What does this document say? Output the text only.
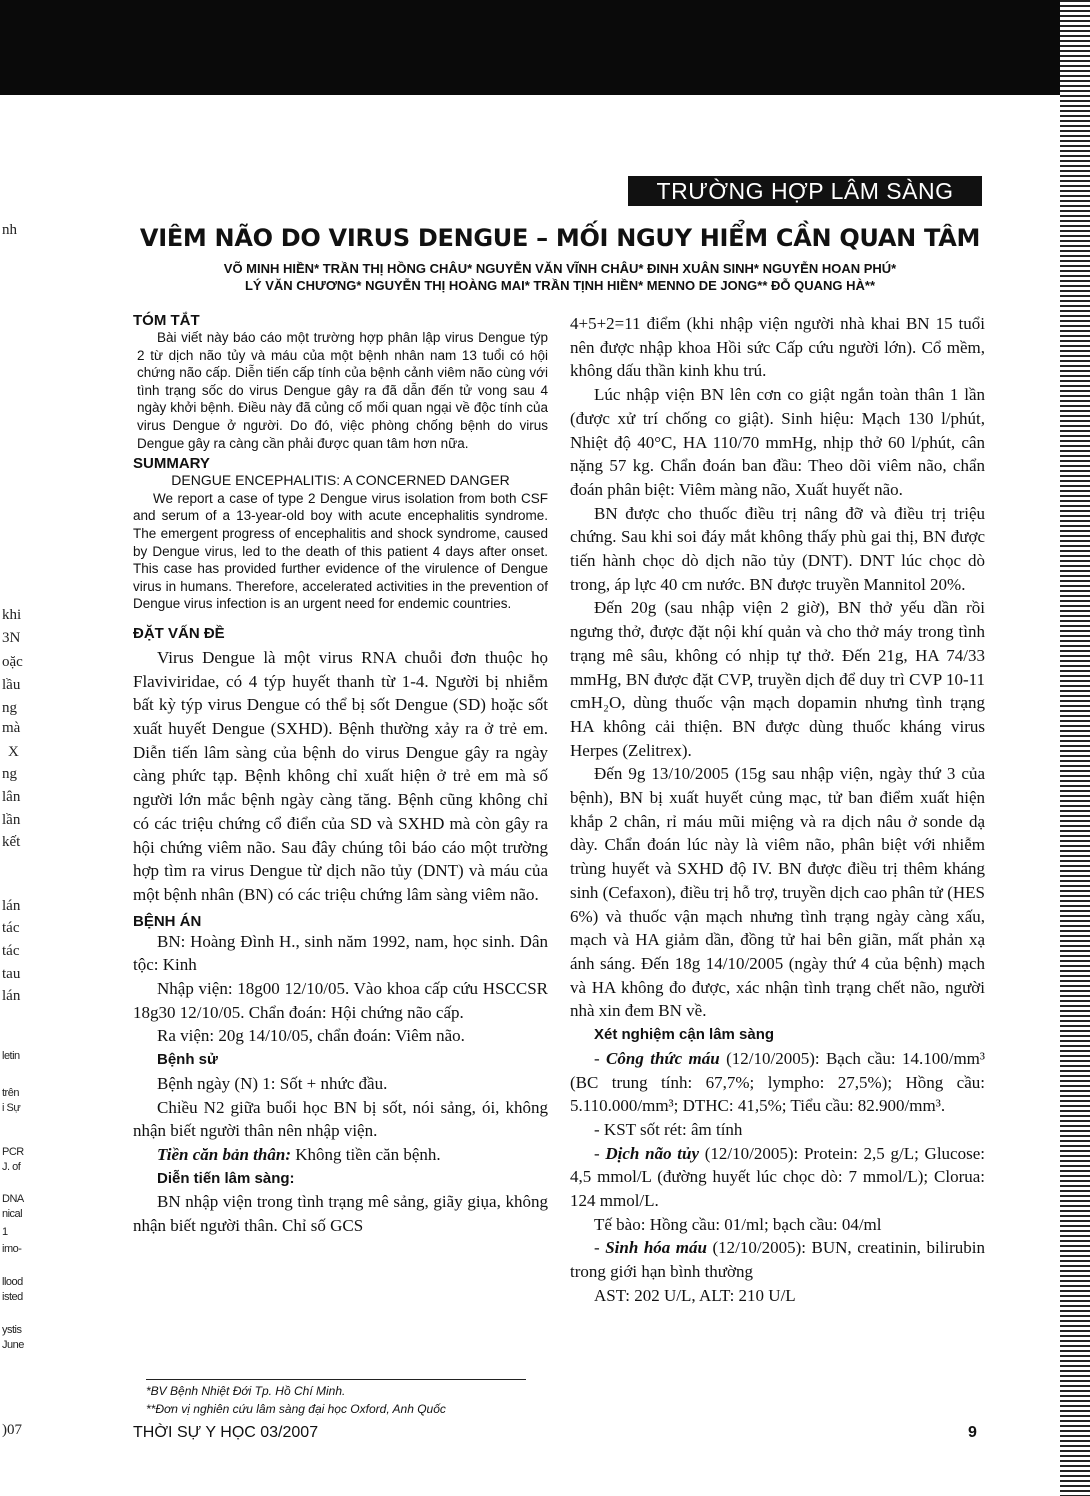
nh
khi
3N
oặc
lầu
ng
mà
X
ng
lân
lần
kết
lán
tác
tác
tau
lán
letin
trên
i Sự
PCR
J. of
DNA
nical
1
imo-
llood
isted
ystis
June
)07
TRƯỜNG HỢP LÂM SÀNG
VIÊM NÃO DO VIRUS DENGUE – MỐI NGUY HIỂM CẦN QUAN TÂM
VÕ MINH HIỀN* TRẦN THỊ HỒNG CHÂU* NGUYỄN VĂN VĨNH CHÂU* ĐINH XUÂN SINH* NGUYỄN HOAN PHÚ*
LÝ VĂN CHƯƠNG* NGUYỄN THỊ HOÀNG MAI* TRẦN TỊNH HIỀN* MENNO DE JONG** ĐỖ QUANG HÀ**
TÓM TẮT

Bài viết này báo cáo một trường hợp phân lập virus Dengue týp 2 từ dịch não tủy và máu của một bệnh nhân nam 13 tuổi có hội chứng não cấp. Diễn tiến cấp tính của bệnh cảnh viêm não cùng với tình trạng sốc do virus Dengue gây ra đã dẫn đến tử vong sau 4 ngày khởi bệnh. Điều này đã củng cố mối quan ngại về độc tính của virus Dengue ở người. Do đó, việc phòng chống bệnh do virus Dengue gây ra càng cần phải được quan tâm hơn nữa.

SUMMARY
DENGUE ENCEPHALITIS: A CONCERNED DANGER

We report a case of type 2 Dengue virus isolation from both CSF and serum of a 13-year-old boy with acute encephalitis syndrome. The emergent progress of encephalitis and shock syndrome, caused by Dengue virus, led to the death of this patient 4 days after onset. This case has provided further evidence of the virulence of Dengue virus in humans. Therefore, accelerated activities in the prevention of Dengue virus infection is an urgent need for endemic countries.

ĐẶT VẤN ĐỀ

Virus Dengue là một virus RNA chuỗi đơn thuộc họ Flaviviridae, có 4 týp huyết thanh từ 1-4. Người bị nhiễm bất kỳ týp virus Dengue có thể bị sốt Dengue (SD) hoặc sốt xuất huyết Dengue (SXHD). Bệnh thường xảy ra ở trẻ em. Diễn tiến lâm sàng của bệnh do virus Dengue gây ra ngày càng phức tạp. Bệnh không chỉ xuất hiện ở trẻ em mà số người lớn mắc bệnh ngày càng tăng. Bệnh cũng không chỉ có các triệu chứng cổ điển của SD và SXHD mà còn gây ra hội chứng viêm não. Sau đây chúng tôi báo cáo một trường hợp tìm ra virus Dengue từ dịch não tủy (DNT) và máu của một bệnh nhân (BN) có các triệu chứng lâm sàng viêm não.

BỆNH ÁN

BN: Hoàng Đình H., sinh năm 1992, nam, học sinh. Dân tộc: Kinh

Nhập viện: 18g00 12/10/05. Vào khoa cấp cứu HSCCSR 18g30 12/10/05. Chẩn đoán: Hội chứng não cấp.

Ra viện: 20g 14/10/05, chẩn đoán: Viêm não.

Bệnh sử

Bệnh ngày (N) 1: Sốt + nhức đầu.

Chiều N2 giữa buổi học BN bị sốt, nói sảng, ói, không nhận biết người thân nên nhập viện.

Tiền căn bản thân: Không tiền căn bệnh.

Diễn tiến lâm sàng:

BN nhập viện trong tình trạng mê sảng, giãy giụa, không nhận biết người thân. Chỉ số GCS

4+5+2=11 điểm (khi nhập viện người nhà khai BN 15 tuổi nên được nhập khoa Hồi sức Cấp cứu người lớn). Cổ mềm, không dấu thần kinh khu trú.

Lúc nhập viện BN lên cơn co giật ngắn toàn thân 1 lần (được xử trí chống co giật). Sinh hiệu: Mạch 130 l/phút, Nhiệt độ 40°C, HA 110/70 mmHg, nhịp thở 60 l/phút, cân nặng 57 kg. Chẩn đoán ban đầu: Theo dõi viêm não, chẩn đoán phân biệt: Viêm màng não, Xuất huyết não.

BN được cho thuốc điều trị nâng đỡ và điều trị triệu chứng. Sau khi soi đáy mắt không thấy phù gai thị, BN được tiến hành chọc dò dịch não tủy (DNT). DNT lúc chọc dò trong, áp lực 40 cm nước. BN được truyền Mannitol 20%.

Đến 20g (sau nhập viện 2 giờ), BN thở yếu dần rồi ngưng thở, được đặt nội khí quản và cho thở máy trong tình trạng mê sâu, không có nhịp tự thở. Đến 21g, HA 74/33 mmHg, BN được đặt CVP, truyền dịch để duy trì CVP 10-11 cmH₂O, dùng thuốc vận mạch dopamin nhưng tình trạng HA không cải thiện. BN được dùng thuốc kháng virus Herpes (Zelitrex).

Đến 9g 13/10/2005 (15g sau nhập viện, ngày thứ 3 của bệnh), BN bị xuất huyết củng mạc, tử ban điểm xuất hiện khắp 2 chân, rỉ máu mũi miệng và ra dịch nâu ở sonde dạ dày. Chẩn đoán lúc này là viêm não, phân biệt với nhiễm trùng huyết và SXHD độ IV. BN được điều trị thêm kháng sinh (Cefaxon), điều trị hỗ trợ, truyền dịch cao phân tử (HES 6%) và thuốc vận mạch nhưng tình trạng ngày càng xấu, mạch và HA giảm dần, đồng tử hai bên giãn, mất phản xạ ánh sáng. Đến 18g 14/10/2005 (ngày thứ 4 của bệnh) mạch và HA không đo được, xác nhận tình trạng chết não, người nhà xin đem BN về.

Xét nghiệm cận lâm sàng

- Công thức máu (12/10/2005): Bạch cầu: 14.100/mm³ (BC trung tính: 67,7%; lympho: 27,5%); Hồng cầu: 5.110.000/mm³; DTHC: 41,5%; Tiểu cầu: 82.900/mm³.

- KST sốt rét: âm tính

- Dịch não tủy (12/10/2005): Protein: 2,5 g/L; Glucose: 4,5 mmol/L (đường huyết lúc chọc dò: 7 mmol/L); Clorua: 124 mmol/L.

Tế bào: Hồng cầu: 01/ml; bạch cầu: 04/ml

- Sinh hóa máu (12/10/2005): BUN, creatinin, bilirubin trong giới hạn bình thường

AST: 202 U/L, ALT: 210 U/L

*BV Bệnh Nhiệt Đới Tp. Hồ Chí Minh.
**Đơn vị nghiên cứu lâm sàng đại học Oxford, Anh Quốc
THỜI SỰ Y HỌC 03/2007	9
